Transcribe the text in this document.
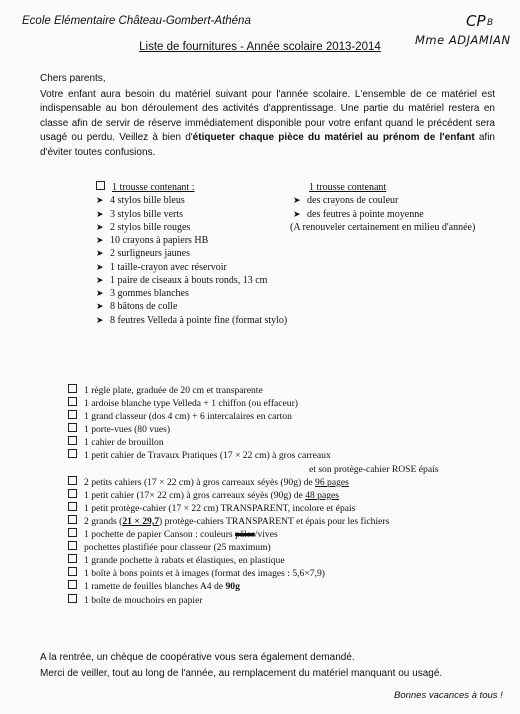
Ecole Elémentaire Château-Gombert-Athéna	CP B
Mme ADJAMIAN
Liste de fournitures - Année scolaire 2013-2014
Chers parents,
Votre enfant aura besoin du matériel suivant pour l'année scolaire. L'ensemble de ce matériel est indispensable au bon déroulement des activités d'apprentissage. Une partie du matériel restera en classe afin de servir de réserve immédiatement disponible pour votre enfant quand le précédent sera usagé ou perdu. Veillez à bien d'étiqueter chaque pièce du matériel au prénom de l'enfant afin d'éviter toutes confusions.
1 trousse contenant :
➤ 4 stylos bille bleus
➤ 3 stylos bille verts
➤ 2 stylos bille rouges
➤ 10 crayons à papiers HB
➤ 2 surligneurs jaunes
➤ 1 taille-crayon avec réservoir
➤ 1 paire de ciseaux à bouts ronds, 13 cm
➤ 3 gommes blanches
➤ 8 bâtons de colle
➤ 8 feutres Velleda à pointe fine (format stylo)
1 trousse contenant
➤ des crayons de couleur
➤ des feutres à pointe moyenne
(A renouveler certainement en milieu d'année)
1 règle plate, graduée de 20 cm et transparente
1 ardoise blanche type Velleda + 1 chiffon (ou effaceur)
1 grand classeur (dos 4 cm) + 6 intercalaires en carton
1 porte-vues (80 vues)
1 cahier de brouillon
1 petit cahier de Travaux Pratiques (17 × 22 cm) à gros carreaux
et son protège-cahier ROSE épais
2 petits cahiers (17 × 22 cm) à gros carreaux séyès (90g) de 96 pages
1 petit cahier (17× 22 cm) à gros carreaux séyès (90g) de 48 pages
1 petit protège-cahier (17 × 22 cm) TRANSPARENT, incolore et épais
2 grands (21 × 29,7) protège-cahiers TRANSPARENT et épais pour les fichiers
1 pochette de papier Canson : couleurs pâles/vives
pochettes plastifiée pour classeur (25 maximum)
1 grande pochette à rabats et élastiques, en plastique
1 boîte à bons points et à images (format des images : 5,6×7,9)
1 ramette de feuilles blanches A4 de 90g
1 boîte de mouchoirs en papier
A la rentrée, un chèque de coopérative vous sera également demandé.
Merci de veiller, tout au long de l'année, au remplacement du matériel manquant ou usagé.
Bonnes vacances à tous !
